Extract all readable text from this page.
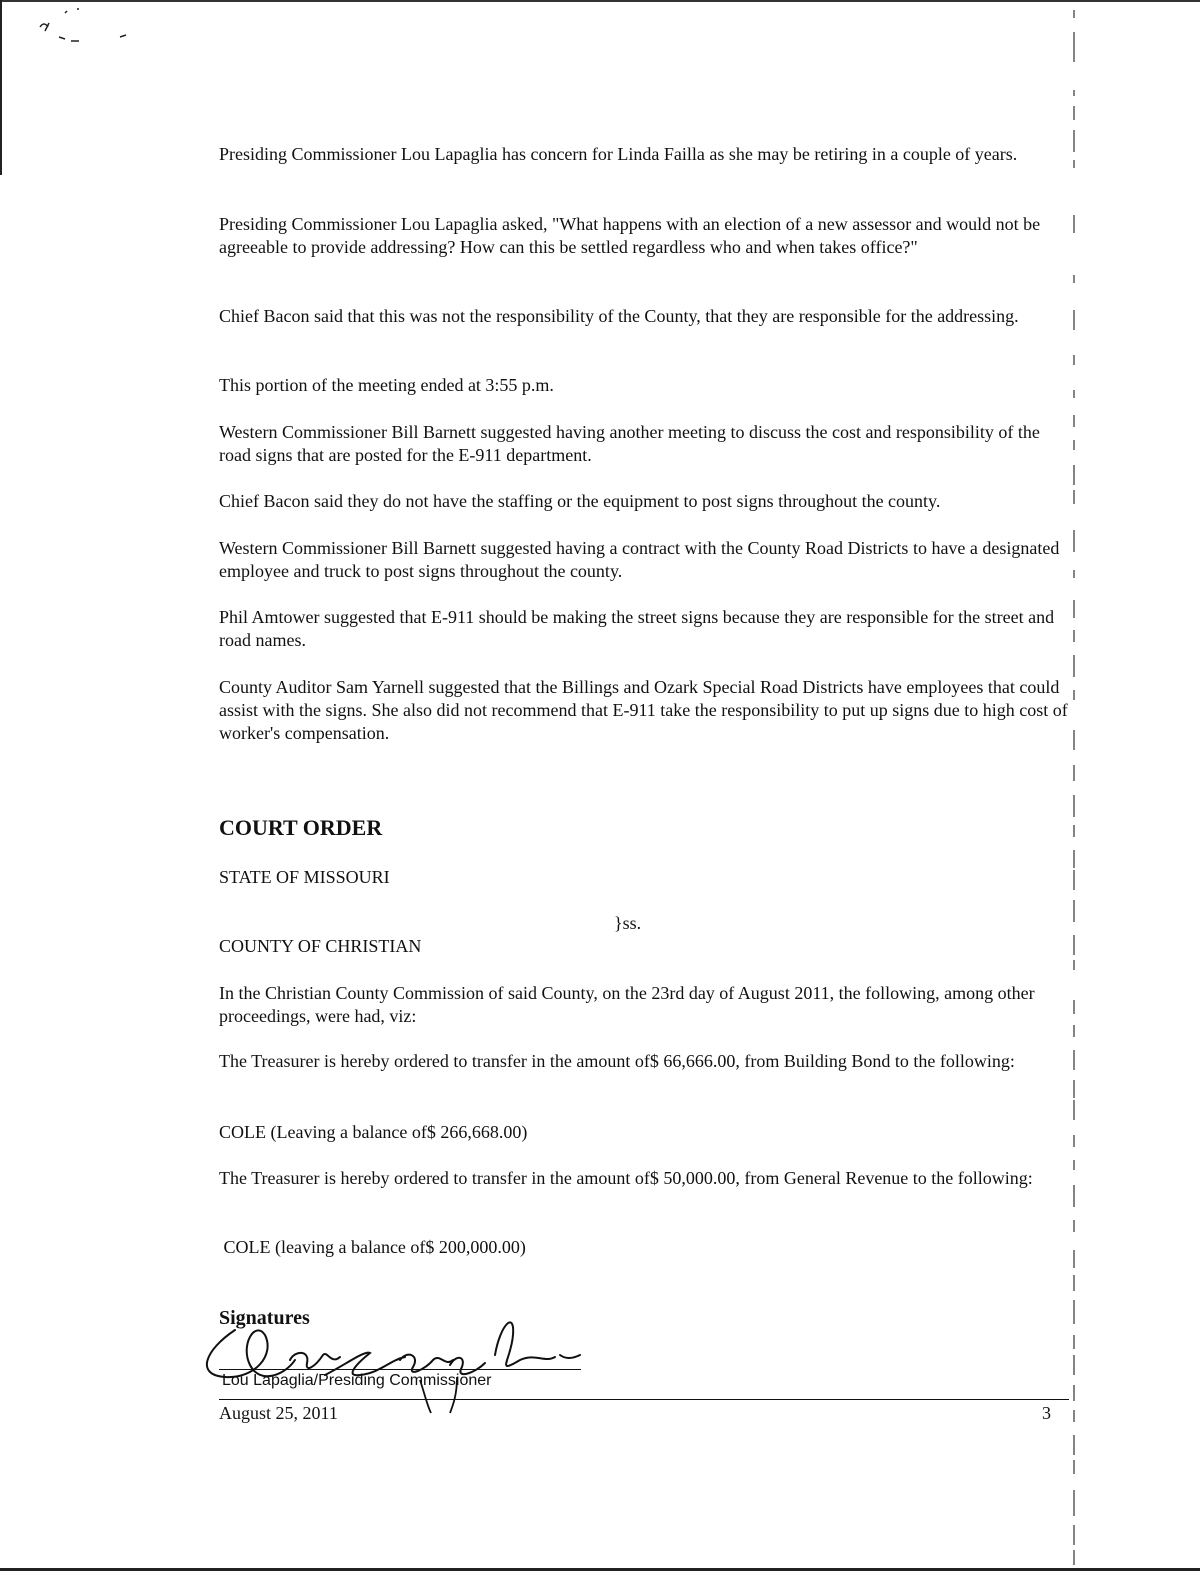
Presiding Commissioner Lou Lapaglia has concern for Linda Failla as she may be retiring in a couple of years.

Presiding Commissioner Lou Lapaglia asked, "What happens with an election of a new assessor and would not be agreeable to provide addressing? How can this be settled regardless who and when takes office?"

Chief Bacon said that this was not the responsibility of the County, that they are responsible for the addressing.

This portion of the meeting ended at 3:55 p.m.

Western Commissioner Bill Barnett suggested having another meeting to discuss the cost and responsibility of the road signs that are posted for the E-911 department.

Chief Bacon said they do not have the staffing or the equipment to post signs throughout the county.

Western Commissioner Bill Barnett suggested having a contract with the County Road Districts to have a designated employee and truck to post signs throughout the county.

Phil Amtower suggested that E-911 should be making the street signs because they are responsible for the street and road names.

County Auditor Sam Yarnell suggested that the Billings and Ozark Special Road Districts have employees that could assist with the signs. She also did not recommend that E-911 take the responsibility to put up signs due to high cost of worker's compensation.

COURT ORDER

STATE OF MISSOURI

}ss.

COUNTY OF CHRISTIAN

In the Christian County Commission of said County, on the 23rd day of August 2011, the following, among other proceedings, were had, viz:

The Treasurer is hereby ordered to transfer in the amount of$ 66,666.00, from Building Bond to the following:

COLE (Leaving a balance of$ 266,668.00)

The Treasurer is hereby ordered to transfer in the amount of$ 50,000.00, from General Revenue to the following:

COLE (leaving a balance of$ 200,000.00)

Signatures
Lou Lapaglia/Presiding Commissioner
August 25, 2011	3
